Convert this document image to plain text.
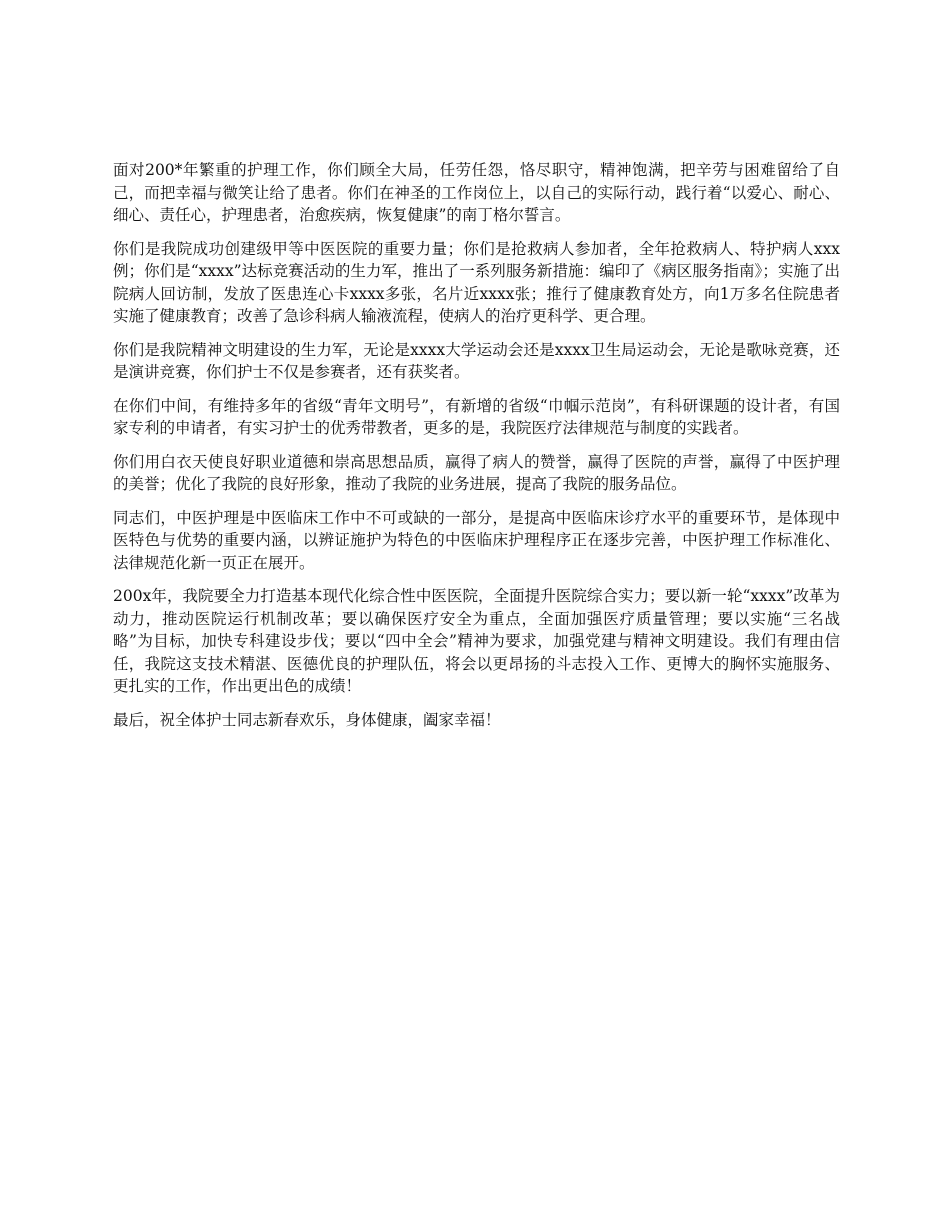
面对200*年繁重的护理工作，你们顾全大局，任劳任怨，恪尽职守，精神饱满，把辛劳与困难留给了自己，而把幸福与微笑让给了患者。你们在神圣的工作岗位上，以自己的实际行动，践行着“以爱心、耐心、细心、责任心，护理患者，治愈疾病，恢复健康”的南丁格尔誓言。

你们是我院成功创建级甲等中医医院的重要力量；你们是抢救病人参加者，全年抢救病人、特护病人xxx例；你们是“xxxx”达标竞赛活动的生力军，推出了一系列服务新措施：编印了《病区服务指南》；实施了出院病人回访制，发放了医患连心卡xxxx多张，名片近xxxx张；推行了健康教育处方，向1万多名住院患者实施了健康教育；改善了急诊科病人输液流程，使病人的治疗更科学、更合理。

你们是我院精神文明建设的生力军，无论是xxxx大学运动会还是xxxx卫生局运动会，无论是歌咏竞赛，还是演讲竞赛，你们护士不仅是参赛者，还有获奖者。

在你们中间，有维持多年的省级“青年文明号”，有新增的省级“巾帼示范岗”，有科研课题的设计者，有国家专利的申请者，有实习护士的优秀带教者，更多的是，我院医疗法律规范与制度的实践者。

你们用白衣天使良好职业道德和崇高思想品质，赢得了病人的赞誉，赢得了医院的声誉，赢得了中医护理的美誉；优化了我院的良好形象，推动了我院的业务进展，提高了我院的服务品位。

同志们，中医护理是中医临床工作中不可或缺的一部分，是提高中医临床诊疗水平的重要环节，是体现中医特色与优势的重要内涵，以辨证施护为特色的中医临床护理程序正在逐步完善，中医护理工作标准化、法律规范化新一页正在展开。

200x年，我院要全力打造基本现代化综合性中医医院，全面提升医院综合实力；要以新一轮“xxxx”改革为动力，推动医院运行机制改革；要以确保医疗安全为重点，全面加强医疗质量管理；要以实施“三名战略”为目标，加快专科建设步伐；要以“四中全会”精神为要求，加强党建与精神文明建设。我们有理由信任，我院这支技术精湛、医德优良的护理队伍，将会以更昂扬的斗志投入工作、更博大的胸怀实施服务、更扎实的工作，作出更出色的成绩！

最后，祝全体护士同志新春欢乐，身体健康，阖家幸福！
